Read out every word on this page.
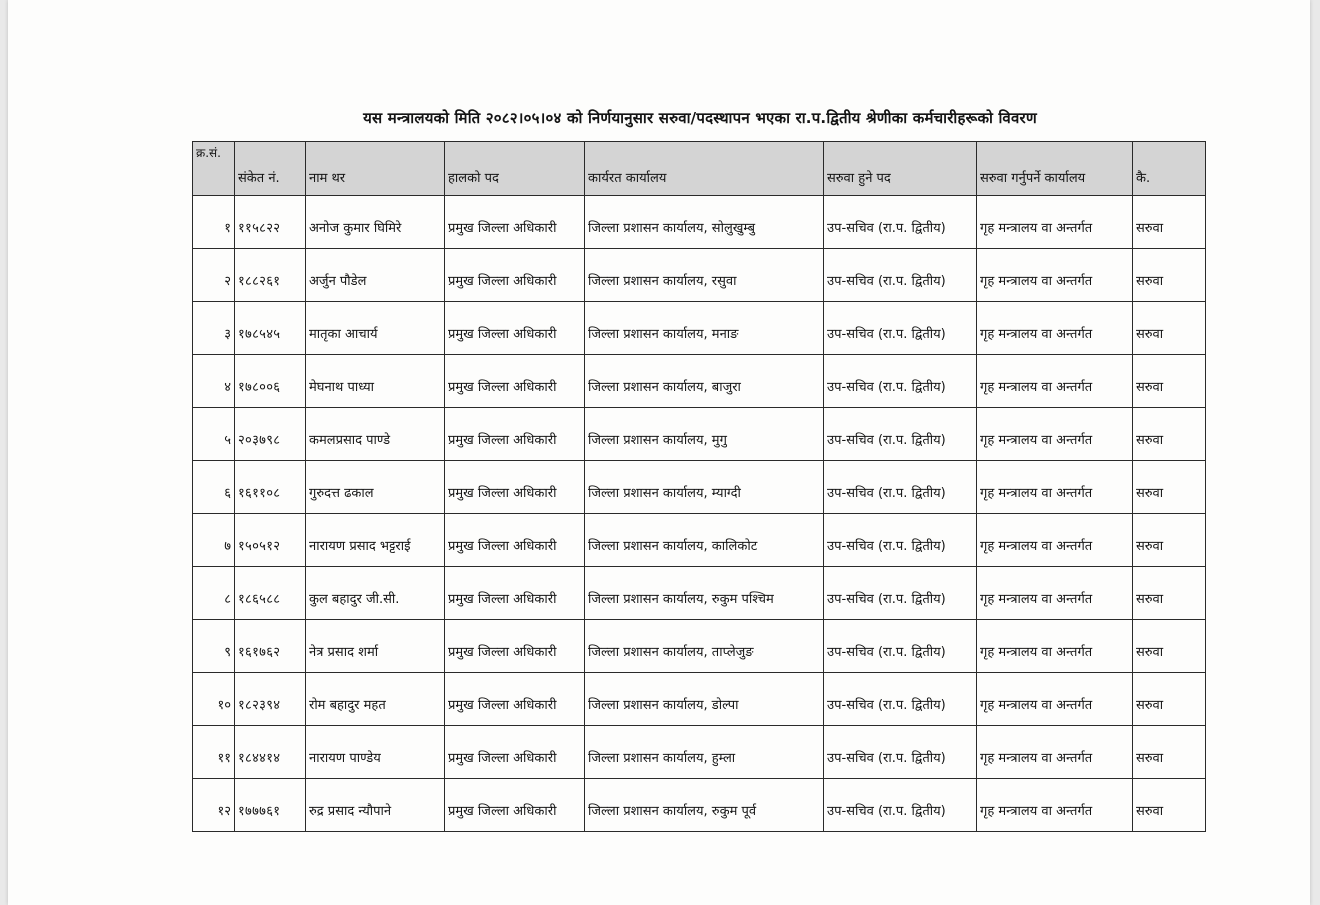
यस मन्त्रालयको मिति २०८२।०५।०४ को निर्णयानुसार सरुवा/पदस्थापन भएका रा.प.द्वितीय श्रेणीका कर्मचारीहरूको विवरण
क्र.सं.	संकेत नं.	नाम थर	हालको पद	कार्यरत कार्यालय	सरुवा हुने पद	सरुवा गर्नुपर्ने कार्यालय	कै.
१	११५८२२	अनोज कुमार घिमिरे	प्रमुख जिल्ला अधिकारी	जिल्ला प्रशासन कार्यालय, सोलुखुम्बु	उप-सचिव (रा.प. द्वितीय)	गृह मन्त्रालय वा अन्तर्गत	सरुवा
२	१८८२६१	अर्जुन पौडेल	प्रमुख जिल्ला अधिकारी	जिल्ला प्रशासन कार्यालय, रसुवा	उप-सचिव (रा.प. द्वितीय)	गृह मन्त्रालय वा अन्तर्गत	सरुवा
३	१७८५४५	मातृका आचार्य	प्रमुख जिल्ला अधिकारी	जिल्ला प्रशासन कार्यालय, मनाङ	उप-सचिव (रा.प. द्वितीय)	गृह मन्त्रालय वा अन्तर्गत	सरुवा
४	१७८००६	मेघनाथ पाध्या	प्रमुख जिल्ला अधिकारी	जिल्ला प्रशासन कार्यालय, बाजुरा	उप-सचिव (रा.प. द्वितीय)	गृह मन्त्रालय वा अन्तर्गत	सरुवा
५	२०३७९८	कमलप्रसाद पाण्डे	प्रमुख जिल्ला अधिकारी	जिल्ला प्रशासन कार्यालय, मुगु	उप-सचिव (रा.प. द्वितीय)	गृह मन्त्रालय वा अन्तर्गत	सरुवा
६	१६११०८	गुरुदत्त ढकाल	प्रमुख जिल्ला अधिकारी	जिल्ला प्रशासन कार्यालय, म्याग्दी	उप-सचिव (रा.प. द्वितीय)	गृह मन्त्रालय वा अन्तर्गत	सरुवा
७	१५०५१२	नारायण प्रसाद भट्टराई	प्रमुख जिल्ला अधिकारी	जिल्ला प्रशासन कार्यालय, कालिकोट	उप-सचिव (रा.प. द्वितीय)	गृह मन्त्रालय वा अन्तर्गत	सरुवा
८	१८६५८८	कुल बहादुर जी.सी.	प्रमुख जिल्ला अधिकारी	जिल्ला प्रशासन कार्यालय, रुकुम पश्चिम	उप-सचिव (रा.प. द्वितीय)	गृह मन्त्रालय वा अन्तर्गत	सरुवा
९	१६१७६२	नेत्र प्रसाद शर्मा	प्रमुख जिल्ला अधिकारी	जिल्ला प्रशासन कार्यालय, ताप्लेजुङ	उप-सचिव (रा.प. द्वितीय)	गृह मन्त्रालय वा अन्तर्गत	सरुवा
१०	१८२३९४	रोम बहादुर महत	प्रमुख जिल्ला अधिकारी	जिल्ला प्रशासन कार्यालय, डोल्पा	उप-सचिव (रा.प. द्वितीय)	गृह मन्त्रालय वा अन्तर्गत	सरुवा
११	१८४४१४	नारायण पाण्डेय	प्रमुख जिल्ला अधिकारी	जिल्ला प्रशासन कार्यालय, हुम्ला	उप-सचिव (रा.प. द्वितीय)	गृह मन्त्रालय वा अन्तर्गत	सरुवा
१२	१७७७६१	रुद्र प्रसाद न्यौपाने	प्रमुख जिल्ला अधिकारी	जिल्ला प्रशासन कार्यालय, रुकुम पूर्व	उप-सचिव (रा.प. द्वितीय)	गृह मन्त्रालय वा अन्तर्गत	सरुवा
